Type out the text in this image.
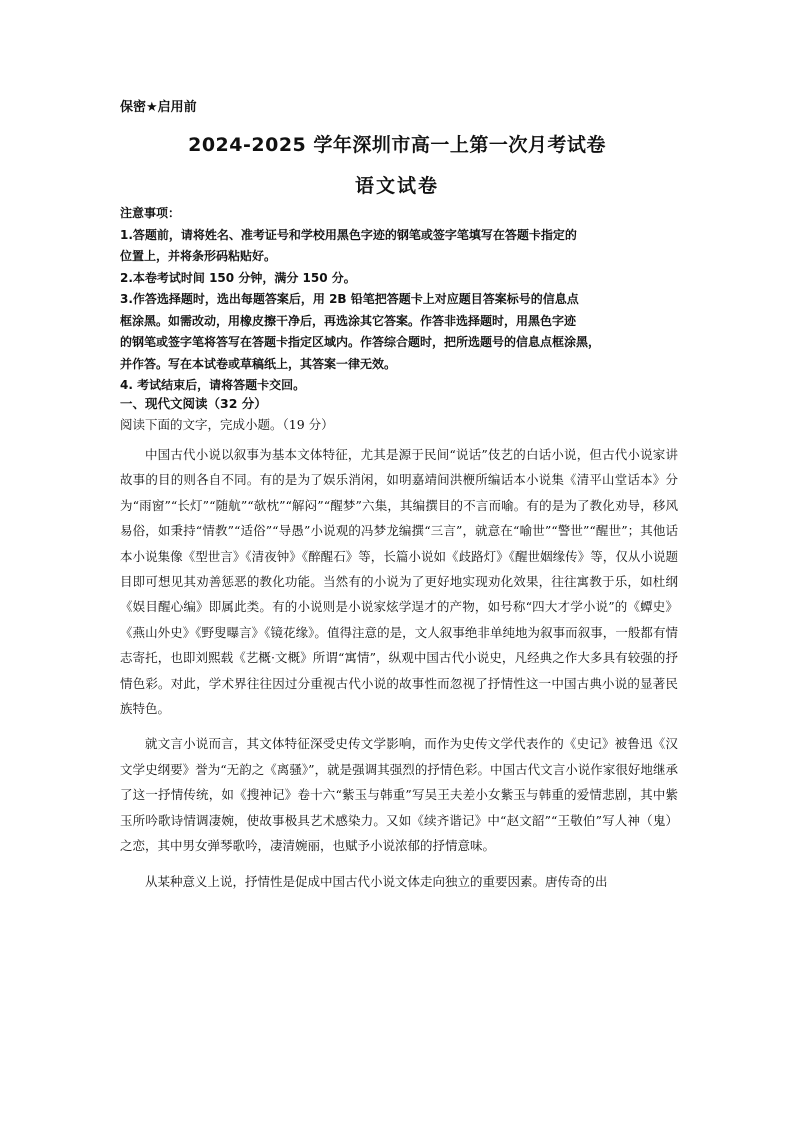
保密★启用前
2024-2025 学年深圳市高一上第一次月考试卷
语文试卷
注意事项：
1.答题前，请将姓名、准考证号和学校用黑色字迹的钢笔或签字笔填写在答题卡指定的
位置上，并将条形码粘贴好。
2.本卷考试时间 150 分钟，满分 150 分。
3.作答选择题时，选出每题答案后，用 2B 铅笔把答题卡上对应题目答案标号的信息点
框涂黑。如需改动，用橡皮擦干净后，再选涂其它答案。作答非选择题时，用黑色字迹
的钢笔或签字笔将答写在答题卡指定区域内。作答综合题时，把所选题号的信息点框涂黑，
并作答。写在本试卷或草稿纸上，其答案一律无效。
4. 考试结束后，请将答题卡交回。
一、现代文阅读（32 分）
阅读下面的文字，完成小题。（19 分）

中国古代小说以叙事为基本文体特征，尤其是源于民间“说话”伎艺的白话小说，但古代小说家讲故事的目的则各自不同。有的是为了娱乐消闲，如明嘉靖间洪楩所编话本小说集《清平山堂话本》分为“雨窗”“长灯”“随航”“欹枕”“解闷”“醒梦”六集，其编撰目的不言而喻。有的是为了教化劝导，移风易俗，如秉持“情教”“适俗”“导愚”小说观的冯梦龙编撰“三言”，就意在“喻世”“警世”“醒世”；其他话本小说集像《型世言》《清夜钟》《醉醒石》等，长篇小说如《歧路灯》《醒世姻缘传》等，仅从小说题目即可想见其劝善惩恶的教化功能。当然有的小说为了更好地实现劝化效果，往往寓教于乐，如杜纲《娱目醒心编》即属此类。有的小说则是小说家炫学逞才的产物，如号称“四大才学小说”的《蟫史》《燕山外史》《野叟曝言》《镜花缘》。值得注意的是，文人叙事绝非单纯地为叙事而叙事，一般都有情志寄托，也即刘熙载《艺概·文概》所谓“寓情”，纵观中国古代小说史，凡经典之作大多具有较强的抒情色彩。对此，学术界往往因过分重视古代小说的故事性而忽视了抒情性这一中国古典小说的显著民族特色。

就文言小说而言，其文体特征深受史传文学影响，而作为史传文学代表作的《史记》被鲁迅《汉文学史纲要》誉为“无韵之《离骚》”，就是强调其强烈的抒情色彩。中国古代文言小说作家很好地继承了这一抒情传统，如《搜神记》卷十六“紫玉与韩重”写吴王夫差小女紫玉与韩重的爱情悲剧，其中紫玉所吟歌诗情调凄婉，使故事极具艺术感染力。又如《续齐谐记》中“赵文韶”“王敬伯”写人神（鬼）之恋，其中男女弹琴歌吟，凄清婉丽，也赋予小说浓郁的抒情意味。

从某种意义上说，抒情性是促成中国古代小说文体走向独立的重要因素。唐传奇的出
